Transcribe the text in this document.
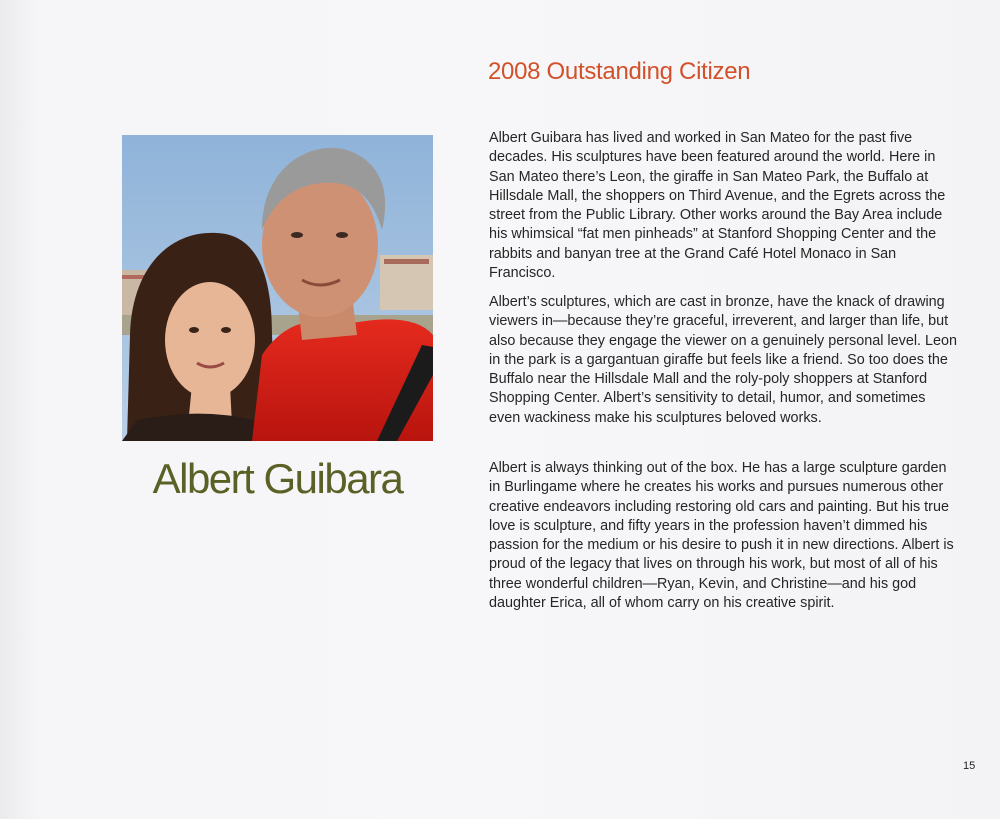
2008 Outstanding Citizen
Albert Guibara

Albert Guibara has lived and worked in San Mateo for the past five decades. His sculptures have been featured around the world. Here in San Mateo there’s Leon, the giraffe in San Mateo Park, the Buffalo at Hillsdale Mall, the shoppers on Third Avenue, and the Egrets across the street from the Public Library. Other works around the Bay Area include his whimsical “fat men pinheads” at Stanford Shopping Center and the rabbits and banyan tree at the Grand Café Hotel Monaco in San Francisco.

Albert’s sculptures, which are cast in bronze, have the knack of drawing viewers in—because they’re graceful, irreverent, and larger than life, but also because they engage the viewer on a genuinely personal level. Leon in the park is a gargantuan giraffe but feels like a friend. So too does the Buffalo near the Hillsdale Mall and the roly-poly shoppers at Stanford Shopping Center. Albert’s sensitivity to detail, humor, and sometimes even wackiness make his sculptures beloved works.

Albert is always thinking out of the box. He has a large sculpture garden in Burlingame where he creates his works and pursues numerous other creative endeavors including restoring old cars and painting. But his true love is sculpture, and fifty years in the profession haven’t dimmed his passion for the medium or his desire to push it in new directions. Albert is proud of the legacy that lives on through his work, but most of all of his three wonderful children—Ryan, Kevin, and Christine—and his god daughter Erica, all of whom carry on his creative spirit.

15
